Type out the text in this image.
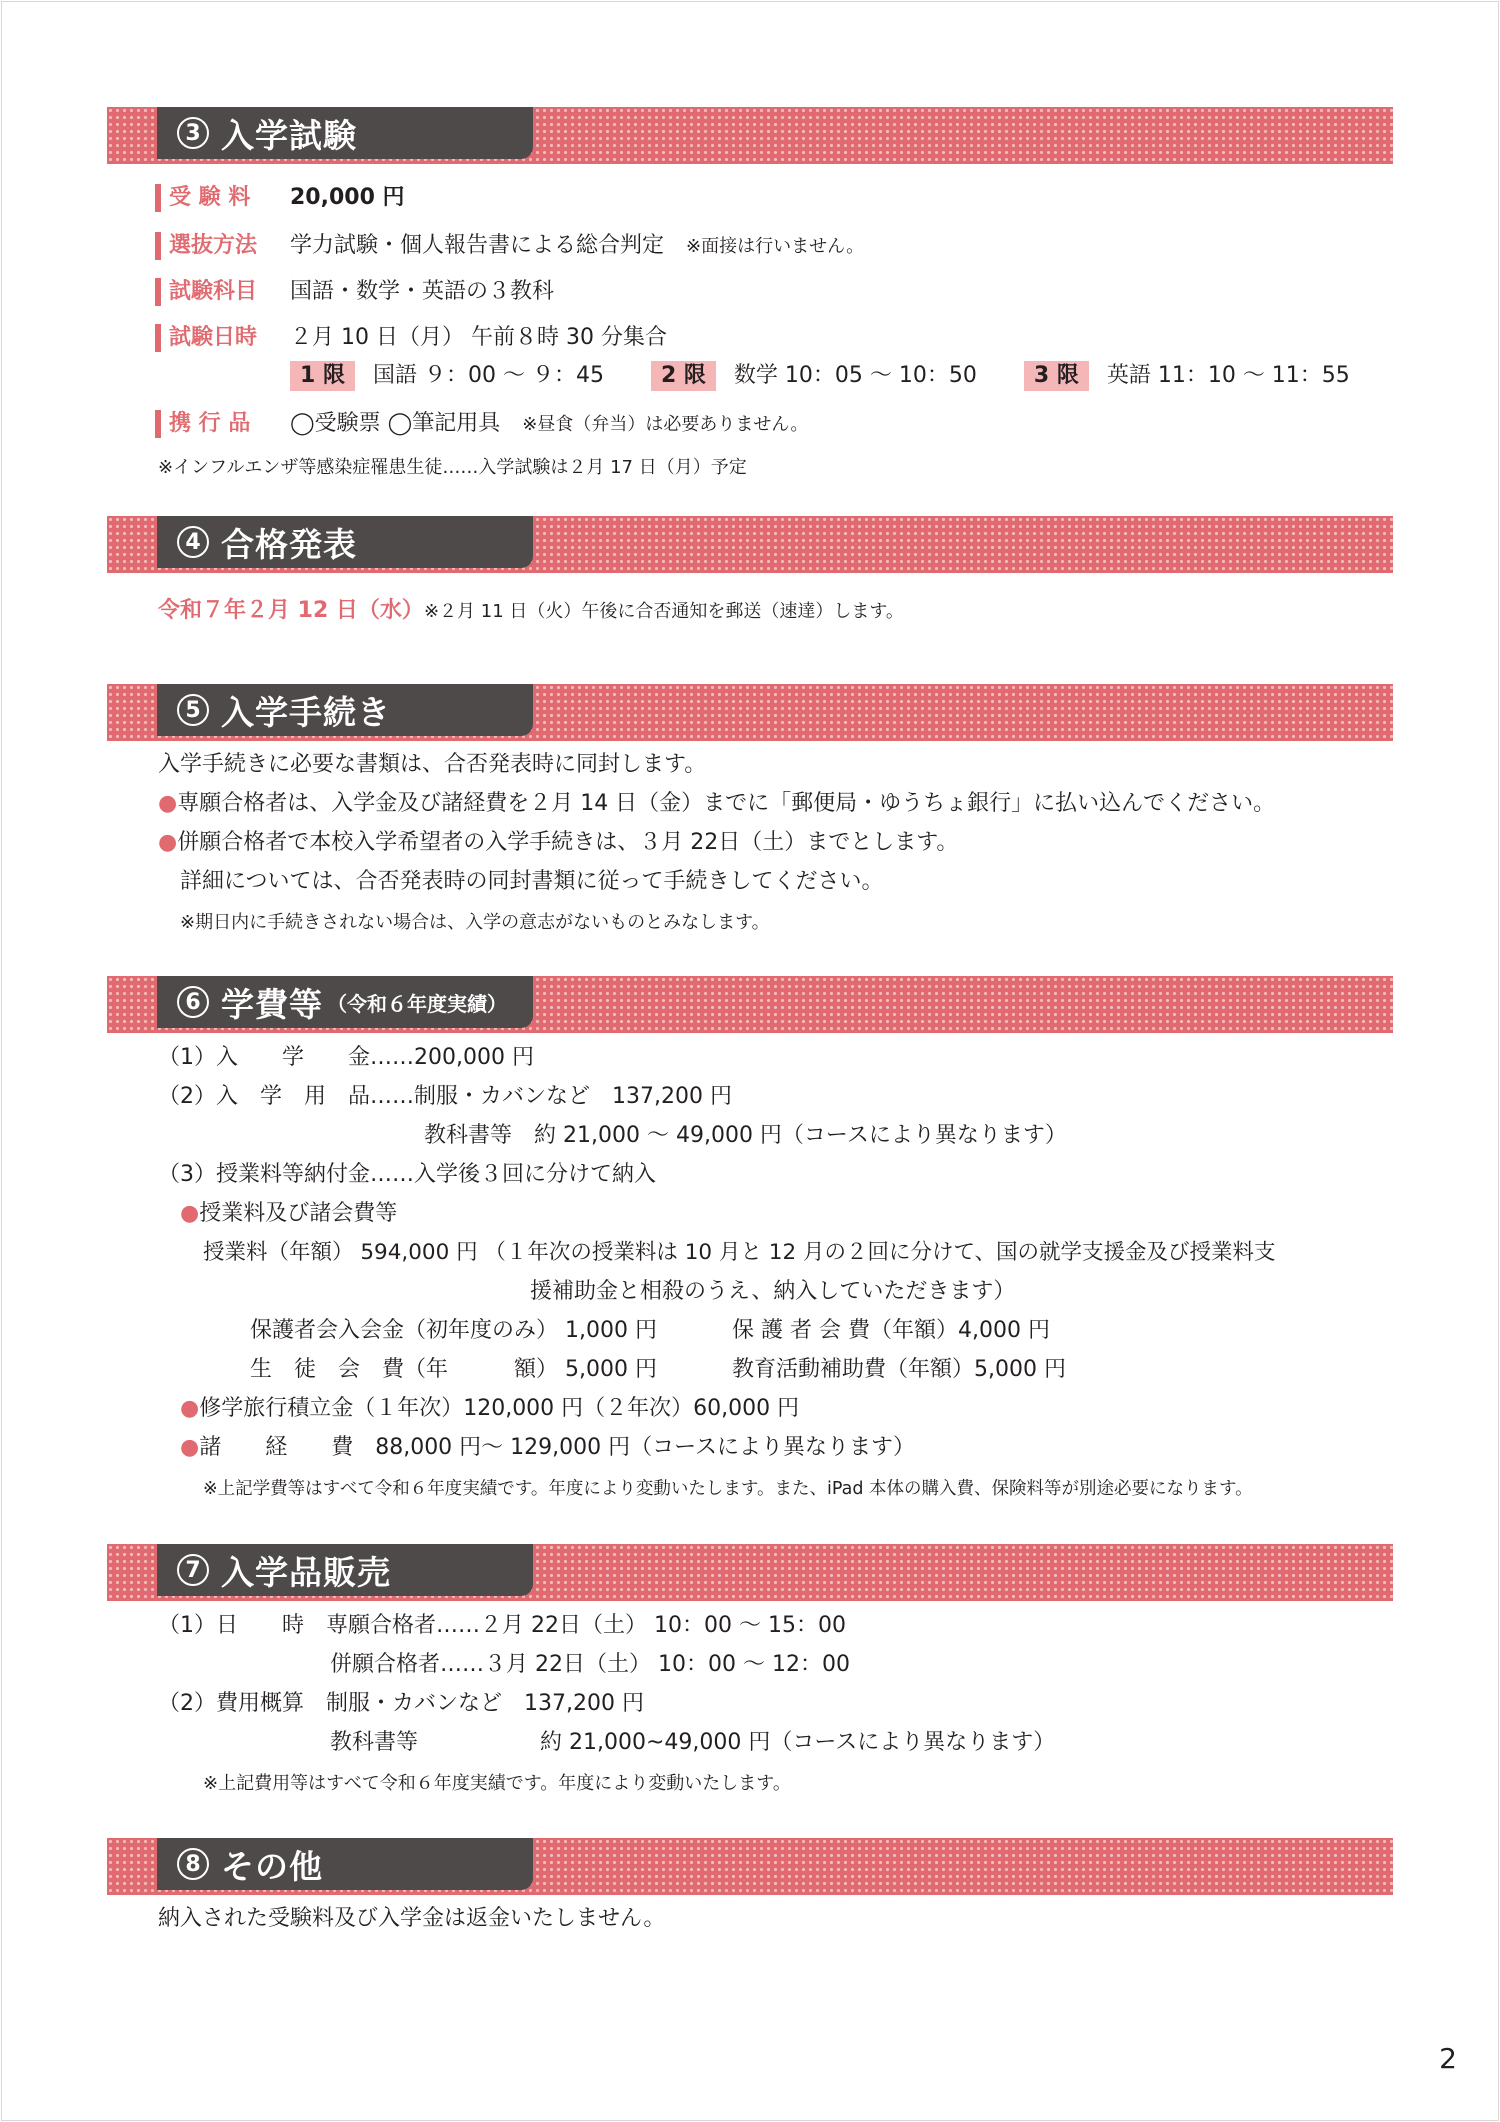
3 入学試験
受 験 料 20,000 円
選抜方法 学力試験・個人報告書による総合判定 ※面接は行いません。
試験科目 国語・数学・英語の３教科
試験日時 ２月 10 日（月） 午前８時 30 分集合
1 限 国語 ９：00 ～ ９：45	2 限 数学 10：05 ～ 10：50	3 限 英語 11：10 ～ 11：55
携 行 品 ◯受験票 ◯筆記用具 ※昼食（弁当）は必要ありません。
※インフルエンザ等感染症罹患生徒……入学試験は２月 17 日（月）予定
4 合格発表
令和７年２月 12 日（水）※２月 11 日（火）午後に合否通知を郵送（速達）します。
5 入学手続き
入学手続きに必要な書類は、合否発表時に同封します。
●専願合格者は、入学金及び諸経費を２月 14 日（金）までに「郵便局・ゆうちょ銀行」に払い込んでください。
●併願合格者で本校入学希望者の入学手続きは、３月 22日（土）までとします。
詳細については、合否発表時の同封書類に従って手続きしてください。
※期日内に手続きされない場合は、入学の意志がないものとみなします。
6 学費等 （令和６年度実績）
（1）入　　学　　金……200,000 円
（2）入　学　用　品……制服・カバンなど　137,200 円
教科書等　約 21,000 ～ 49,000 円（コースにより異なります）
（3）授業料等納付金……入学後３回に分けて納入
●授業料及び諸会費等
授業料（年額） 594,000 円 （１年次の授業料は 10 月と 12 月の２回に分けて、国の就学支援金及び授業料支
援補助金と相殺のうえ、納入していただきます）
保護者会入会金（初年度のみ） 1,000 円	保 護 者 会 費（年額）4,000 円
生　徒　会　費（年　　　額） 5,000 円	教育活動補助費（年額）5,000 円
●修学旅行積立金（１年次）120,000 円（２年次）60,000 円
●諸　　経　　費　88,000 円～ 129,000 円（コースにより異なります）
※上記学費等はすべて令和６年度実績です。年度により変動いたします。また、iPad 本体の購入費、保険料等が別途必要になります。
7 入学品販売
（1）日　　時　専願合格者……２月 22日（土） 10：00 ～ 15：00
併願合格者……３月 22日（土） 10：00 ～ 12：00
（2）費用概算　制服・カバンなど　137,200 円
教科書等	約 21,000~49,000 円（コースにより異なります）
※上記費用等はすべて令和６年度実績です。年度により変動いたします。
8 その他
納入された受験料及び入学金は返金いたしません。
2
